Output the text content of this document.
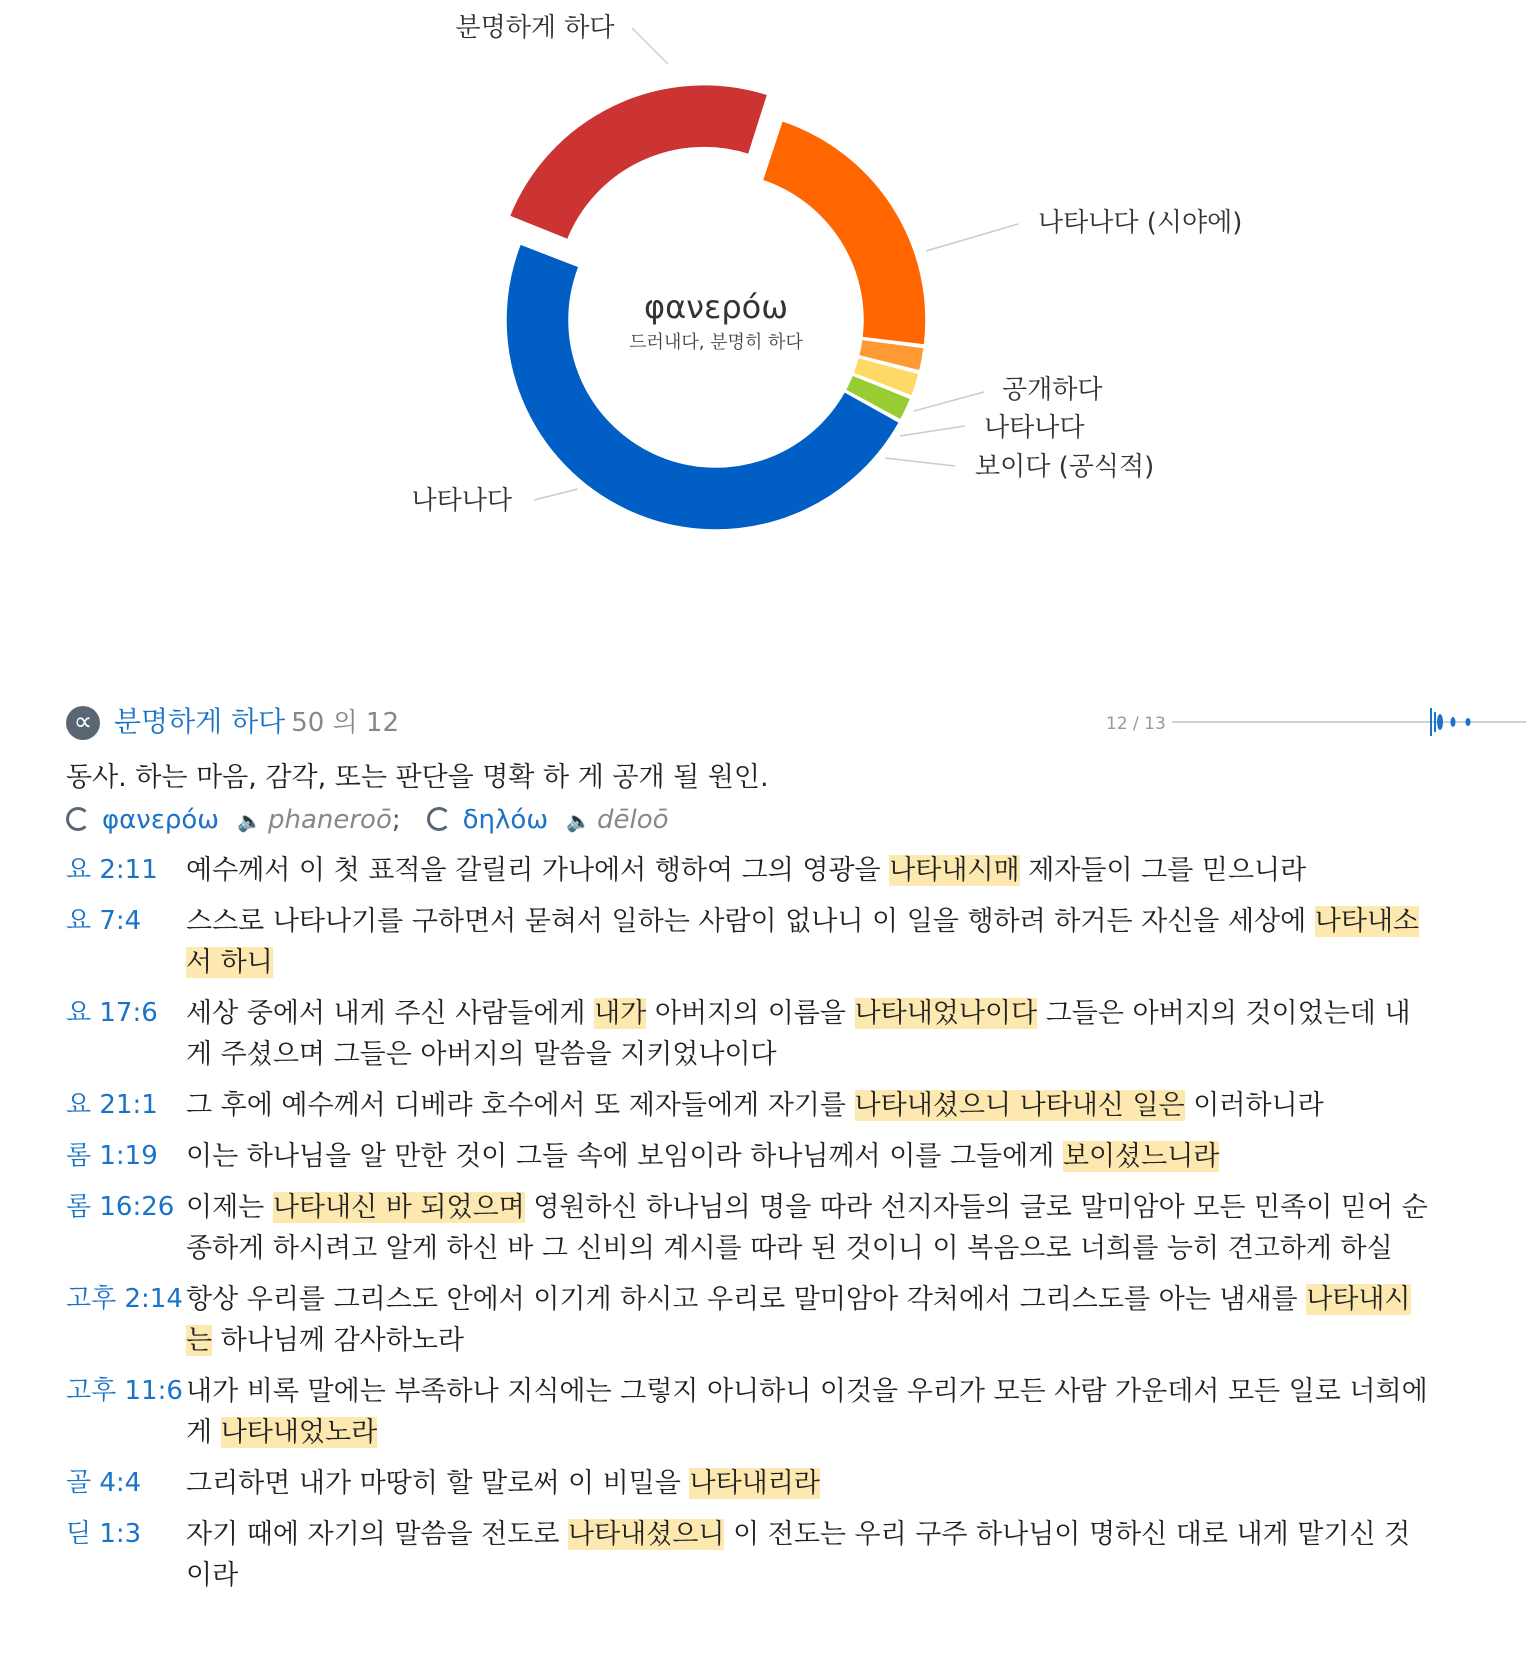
분명하게 하다
나타나다 (시야에)
공개하다
나타나다
보이다 (공식적)
나타나다
φανερόω
드러내다, 분명히 하다
∝ 분명하게 하다 50 의 12	12 / 13
동사. 하는 마음, 감각, 또는 판단을 명확 하 게 공개 될 원인.
φανερόω 🔈 phaneroō; δηλόω 🔈 dēloō
요 2:11	예수께서 이 첫 표적을 갈릴리 가나에서 행하여 그의 영광을 나타내시매 제자들이 그를 믿으니라
요 7:4	스스로 나타나기를 구하면서 묻혀서 일하는 사람이 없나니 이 일을 행하려 하거든 자신을 세상에 나타내소서 하니
요 17:6	세상 중에서 내게 주신 사람들에게 내가 아버지의 이름을 나타내었나이다 그들은 아버지의 것이었는데 내게 주셨으며 그들은 아버지의 말씀을 지키었나이다
요 21:1	그 후에 예수께서 디베랴 호수에서 또 제자들에게 자기를 나타내셨으니 나타내신 일은 이러하니라
롬 1:19	이는 하나님을 알 만한 것이 그들 속에 보임이라 하나님께서 이를 그들에게 보이셨느니라
롬 16:26 이제는 나타내신 바 되었으며 영원하신 하나님의 명을 따라 선지자들의 글로 말미암아 모든 민족이 믿어 순종하게 하시려고 알게 하신 바 그 신비의 계시를 따라 된 것이니 이 복음으로 너희를 능히 견고하게 하실
고후 2:14 항상 우리를 그리스도 안에서 이기게 하시고 우리로 말미암아 각처에서 그리스도를 아는 냄새를 나타내시는 하나님께 감사하노라
고후 11:6 내가 비록 말에는 부족하나 지식에는 그렇지 아니하니 이것을 우리가 모든 사람 가운데서 모든 일로 너희에게 나타내었노라
골 4:4	그리하면 내가 마땅히 할 말로써 이 비밀을 나타내리라
딛 1:3	자기 때에 자기의 말씀을 전도로 나타내셨으니 이 전도는 우리 구주 하나님이 명하신 대로 내게 맡기신 것이라
